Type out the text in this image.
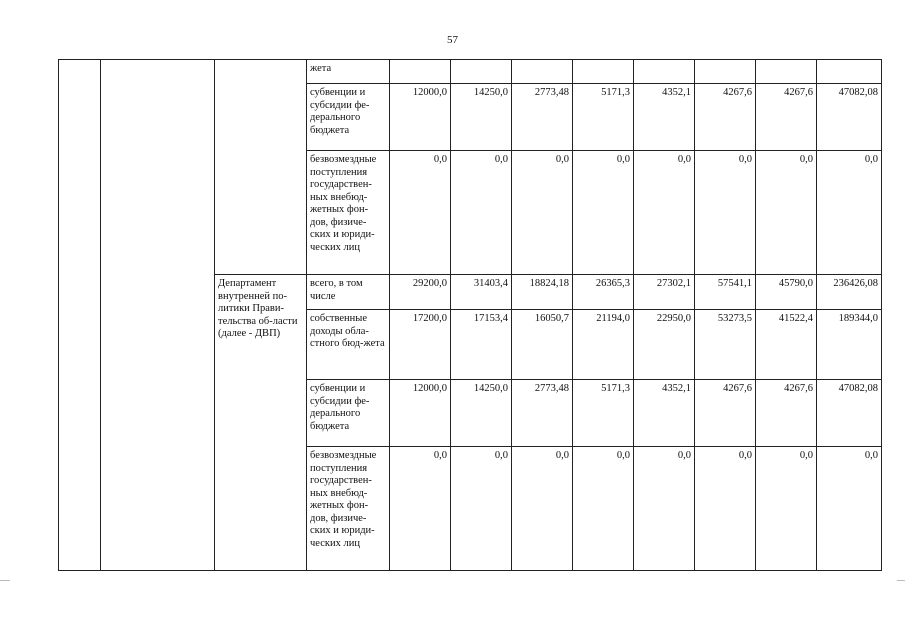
57
			жета								
			субвенции и субсидии фе-дерального бюджета	12000,0	14250,0	2773,48	5171,3	4352,1	4267,6	4267,6	47082,08
			безвозмездные поступления государствен-ных внебюд-жетных фон-дов, физиче-ских и юриди-ческих лиц	0,0	0,0	0,0	0,0	0,0	0,0	0,0	0,0
		Департамент внутренней по-литики Прави-тельства об-ласти (далее - ДВП)	всего, в том числе	29200,0	31403,4	18824,18	26365,3	27302,1	57541,1	45790,0	236426,08
			собственные доходы обла-стного бюд-жета	17200,0	17153,4	16050,7	21194,0	22950,0	53273,5	41522,4	189344,0
			субвенции и субсидии фе-дерального бюджета	12000,0	14250,0	2773,48	5171,3	4352,1	4267,6	4267,6	47082,08
			безвозмездные поступления государствен-ных внебюд-жетных фон-дов, физиче-ских и юриди-ческих лиц	0,0	0,0	0,0	0,0	0,0	0,0	0,0	0,0
